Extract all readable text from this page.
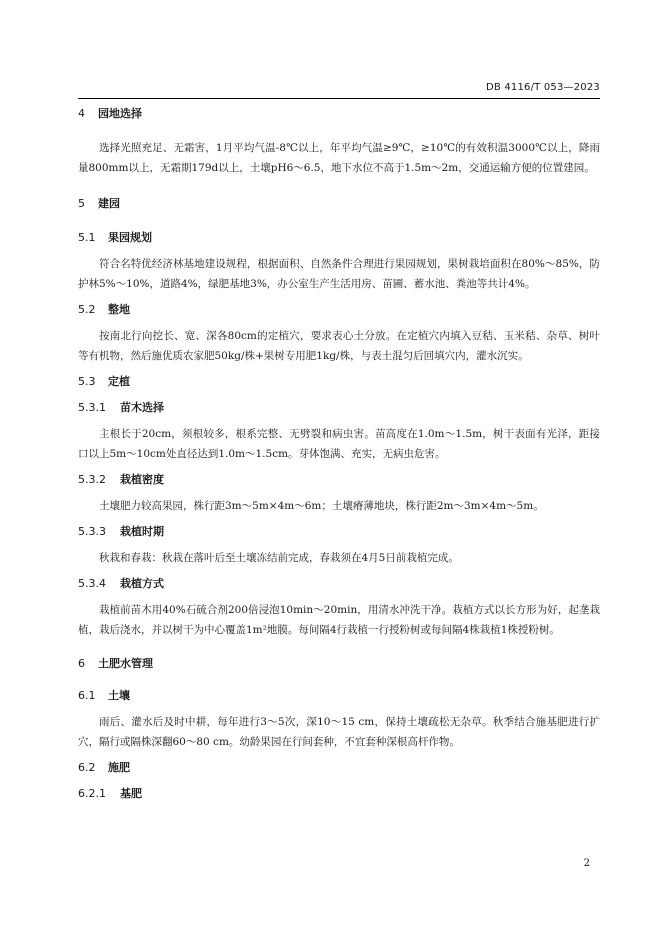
DB 4116/T 053—2023
4 园地选择

选择光照充足、无霜害，1月平均气温-8℃以上，年平均气温≥9℃，≥10℃的有效积温3000℃以上，降雨量800mm以上，无霜期179d以上，土壤pH6～6.5，地下水位不高于1.5m～2m，交通运输方便的位置建园。

5 建园
5.1 果园规划

符合名特优经济林基地建设规程，根据面积、自然条件合理进行果园规划，果树栽培面积在80%～85%，防护林5%～10%，道路4%，绿肥基地3%，办公室生产生活用房、苗圃、蓄水池、粪池等共计4%。

5.2 整地

按南北行向挖长、宽、深各80cm的定植穴，要求表心土分放。在定植穴内填入豆秸、玉米秸、杂草、树叶等有机物，然后施优质农家肥50kg/株+果树专用肥1kg/株，与表土混匀后回填穴内，灌水沉实。

5.3 定植
5.3.1 苗木选择

主根长于20cm，须根较多，根系完整、无劈裂和病虫害。苗高度在1.0m～1.5m，树干表面有光泽，距接口以上5m～10cm处直径达到1.0m～1.5cm。芽体饱满、充实，无病虫危害。

5.3.2 栽植密度

土壤肥力较高果园，株行距3m～5m×4m～6m；土壤瘠薄地块，株行距2m～3m×4m～5m。

5.3.3 栽植时期

秋栽和春栽：秋栽在落叶后至土壤冻结前完成，春栽须在4月5日前栽植完成。

5.3.4 栽植方式

栽植前苗木用40%石硫合剂200倍浸泡10min～20min，用清水冲洗干净。栽植方式以长方形为好，起垄栽植，栽后浇水，并以树干为中心覆盖1m²地膜。每间隔4行栽植一行授粉树或每间隔4株栽植1株授粉树。

6 土肥水管理
6.1 土壤

雨后、灌水后及时中耕，每年进行3～5次，深10～15 cm，保持土壤疏松无杂草。秋季结合施基肥进行扩穴，隔行或隔株深翻60～80 cm。幼龄果园在行间套种，不宜套种深根高杆作物。

6.2 施肥
6.2.1 基肥
2
